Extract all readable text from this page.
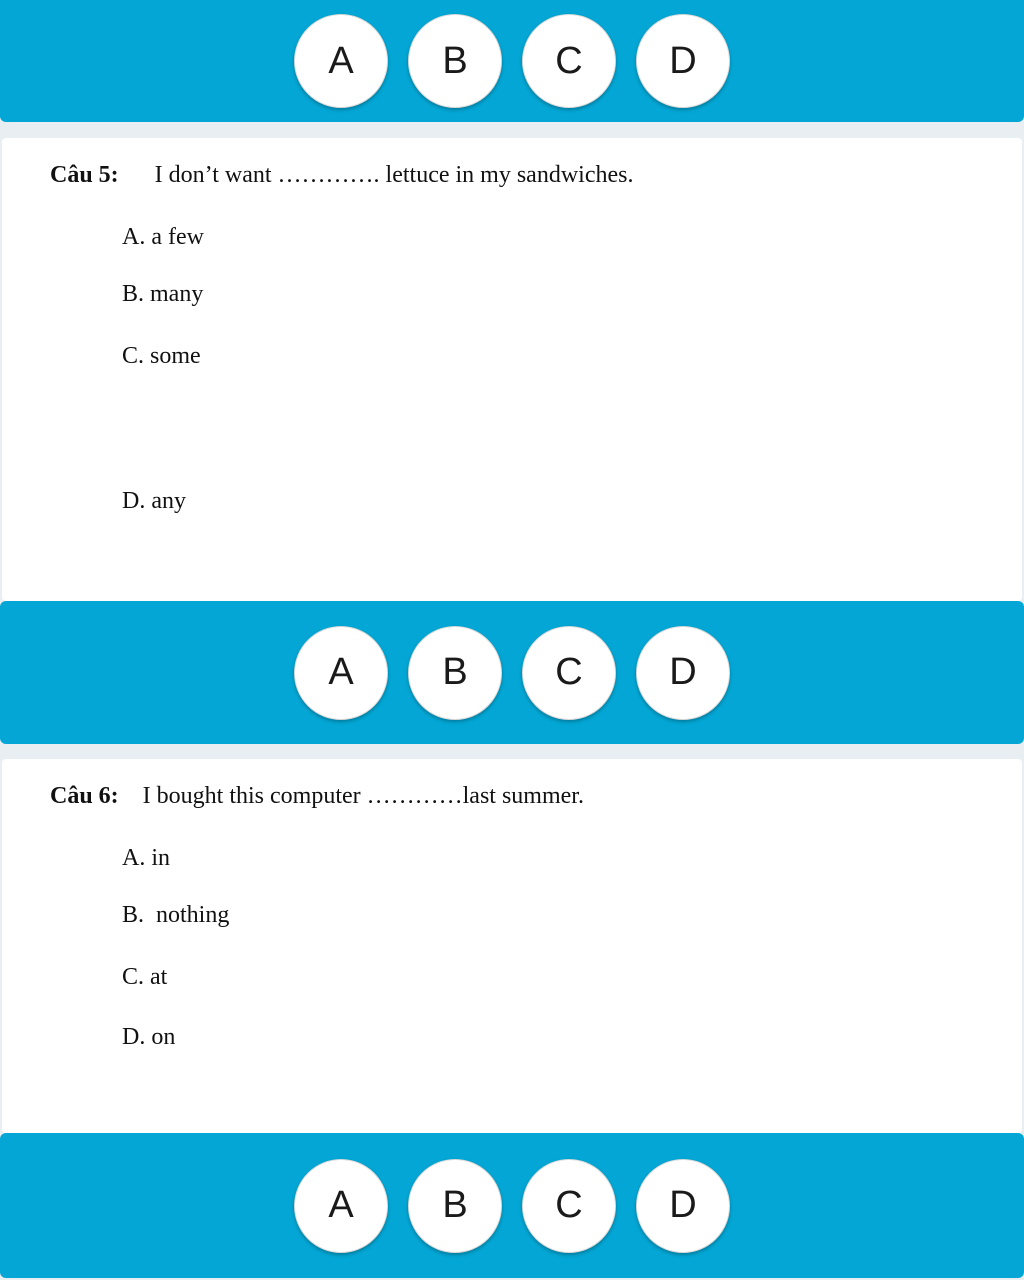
A	B	C	D
Câu 5: I don’t want …………. lettuce in my sandwiches.
A. a few
B. many
C. some
D. any
A	B	C	D
Câu 6: I bought this computer …………last summer.
A. in
B.  nothing
C. at
D. on
A	B	C	D
